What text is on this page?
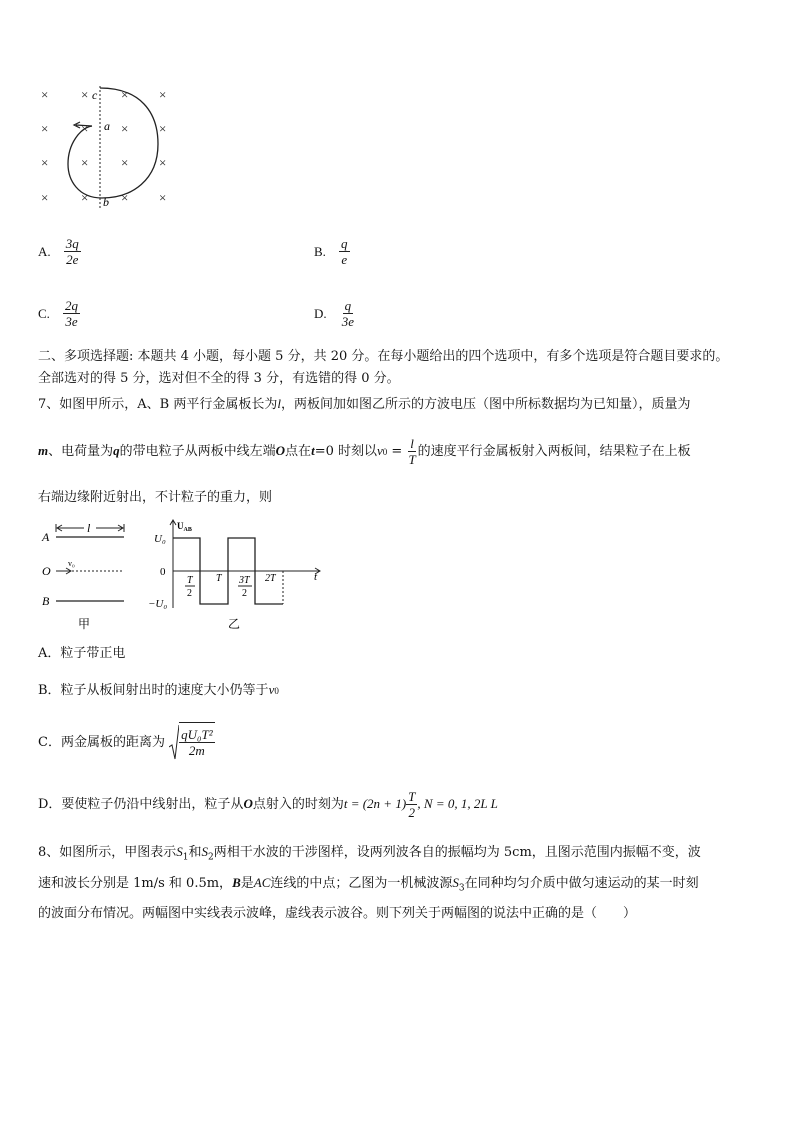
×	×	× ×
×	×	× ×
×	×	× ×
×	×	× ×
a
c
b
A. $\frac{3q}{2e}$	B. $\frac{q}{e}$
C. $\frac{2q}{3e}$	D. $\frac{q}{3e}$
二、多项选择题: 本题共 4 小题，每小题 5 分，共 20 分。在每小题给出的四个选项中，有多个选项是符合题目要求的。
全部选对的得 5 分，选对但不全的得 3 分，有选错的得 0 分。
7、如图甲所示，A、B 两平行金属板长为l，两板间加如图乙所示的方波电压（图中所标数据均为已知量），质量为
m、电荷量为q的带电粒子从两板中线左端O点在t=0 时刻以$v0 = \frac{l}{T}$ 的速度平行金属板射入两板间，结果粒子在上板
右端边缘附近射出，不计粒子的重力，则
A
l
O
v₀
B
甲
$U_{AB}$
t
U₀
0
−U₀
T
2
T 3T
2
2T
乙
A．粒子带正电
B．粒子从板间射出时的速度大小仍等于v0
C．两金属板的距离为 $\frac{\text{qU₀T²}}{2m}$
D．要使粒子仍沿中线射出，粒子从O点射入的时刻为$t = (2n + 1) \frac{T}{2}$ , N = 0, 1, 2L L
8、如图所示，甲图表示$S_1$和$S_2$两相干水波的干涉图样，设两列波各自的振幅均为 5cm，且图示范围内振幅不变，波
速和波长分别是 1m/s 和 0.5m，B是AC连线的中点；乙图为一机械波源$S_3$在同种均匀介质中做匀速运动的某一时刻
的波面分布情况。两幅图中实线表示波峰，虚线表示波谷。则下列关于两幅图的说法中正确的是（　　）
